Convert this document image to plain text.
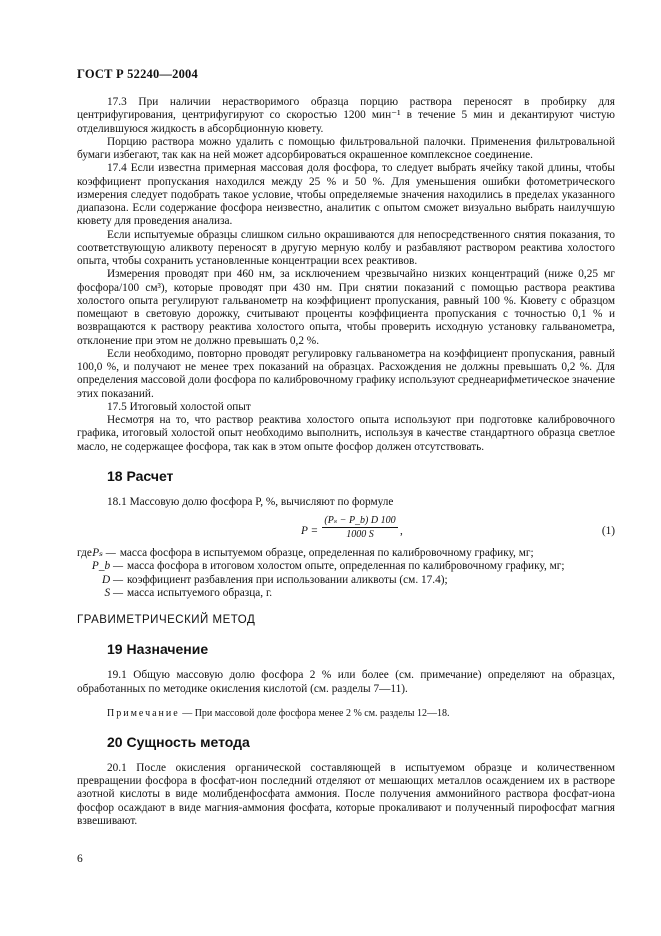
ГОСТ Р 52240—2004

17.3 При наличии нерастворимого образца порцию раствора переносят в пробирку для центрифугирования, центрифугируют со скоростью 1200 мин⁻¹ в течение 5 мин и декантируют чистую отделившуюся жидкость в абсорбционную кювету.

Порцию раствора можно удалить с помощью фильтровальной палочки. Применения фильтровальной бумаги избегают, так как на ней может адсорбироваться окрашенное комплексное соединение.

17.4 Если известна примерная массовая доля фосфора, то следует выбрать ячейку такой длины, чтобы коэффициент пропускания находился между 25 % и 50 %. Для уменьшения ошибки фотометрического измерения следует подобрать такое условие, чтобы определяемые значения находились в пределах указанного диапазона. Если содержание фосфора неизвестно, аналитик с опытом сможет визуально выбрать наилучшую кювету для проведения анализа.

Если испытуемые образцы слишком сильно окрашиваются для непосредственного снятия показания, то соответствующую аликвоту переносят в другую мерную колбу и разбавляют раствором реактива холостого опыта, чтобы сохранить установленные концентрации всех реактивов.

Измерения проводят при 460 нм, за исключением чрезвычайно низких концентраций (ниже 0,25 мг фосфора/100 см³), которые проводят при 430 нм. При снятии показаний с помощью раствора реактива холостого опыта регулируют гальванометр на коэффициент пропускания, равный 100 %. Кювету с образцом помещают в световую дорожку, считывают проценты коэффициента пропускания с точностью 0,1 % и возвращаются к раствору реактива холостого опыта, чтобы проверить исходную установку гальванометра, отклонение при этом не должно превышать 0,2 %.

Если необходимо, повторно проводят регулировку гальванометра на коэффициент пропускания, равный 100,0 %, и получают не менее трех показаний на образцах. Расхождения не должны превышать 0,2 %. Для определения массовой доли фосфора по калибровочному графику используют среднеарифметическое значение этих показаний.

17.5 Итоговый холостой опыт

Несмотря на то, что раствор реактива холостого опыта используют при подготовке калибровочного графика, итоговый холостой опыт необходимо выполнить, используя в качестве стандартного образца светлое масло, не содержащее фосфора, так как в этом опыте фосфор должен отсутствовать.

18 Расчет

18.1 Массовую долю фосфора P, %, вычисляют по формуле

$P = \frac{\text{(Pₛ − P\_b) D 100}}{1000 S}$ ,	(1)
где Pₛ — масса фосфора в испытуемом образце, определенная по калибровочному графику, мг;
P_b — масса фосфора в итоговом холостом опыте, определенная по калибровочному графику, мг;
D — коэффициент разбавления при использовании аликвоты (см. 17.4);
S — масса испытуемого образца, г.

ГРАВИМЕТРИЧЕСКИЙ МЕТОД

19 Назначение

19.1 Общую массовую долю фосфора 2 % или более (см. примечание) определяют на образцах, обработанных по методике окисления кислотой (см. разделы 7—11).

Примечание — При массовой доле фосфора менее 2 % см. разделы 12—18.

20 Сущность метода

20.1 После окисления органической составляющей в испытуемом образце и количественном превращении фосфора в фосфат-ион последний отделяют от мешающих металлов осаждением их в растворе азотной кислоты в виде молибденфосфата аммония. После получения аммонийного раствора фосфат-иона фосфор осаждают в виде магния-аммония фосфата, которые прокаливают и полученный пирофосфат магния взвешивают.

6
